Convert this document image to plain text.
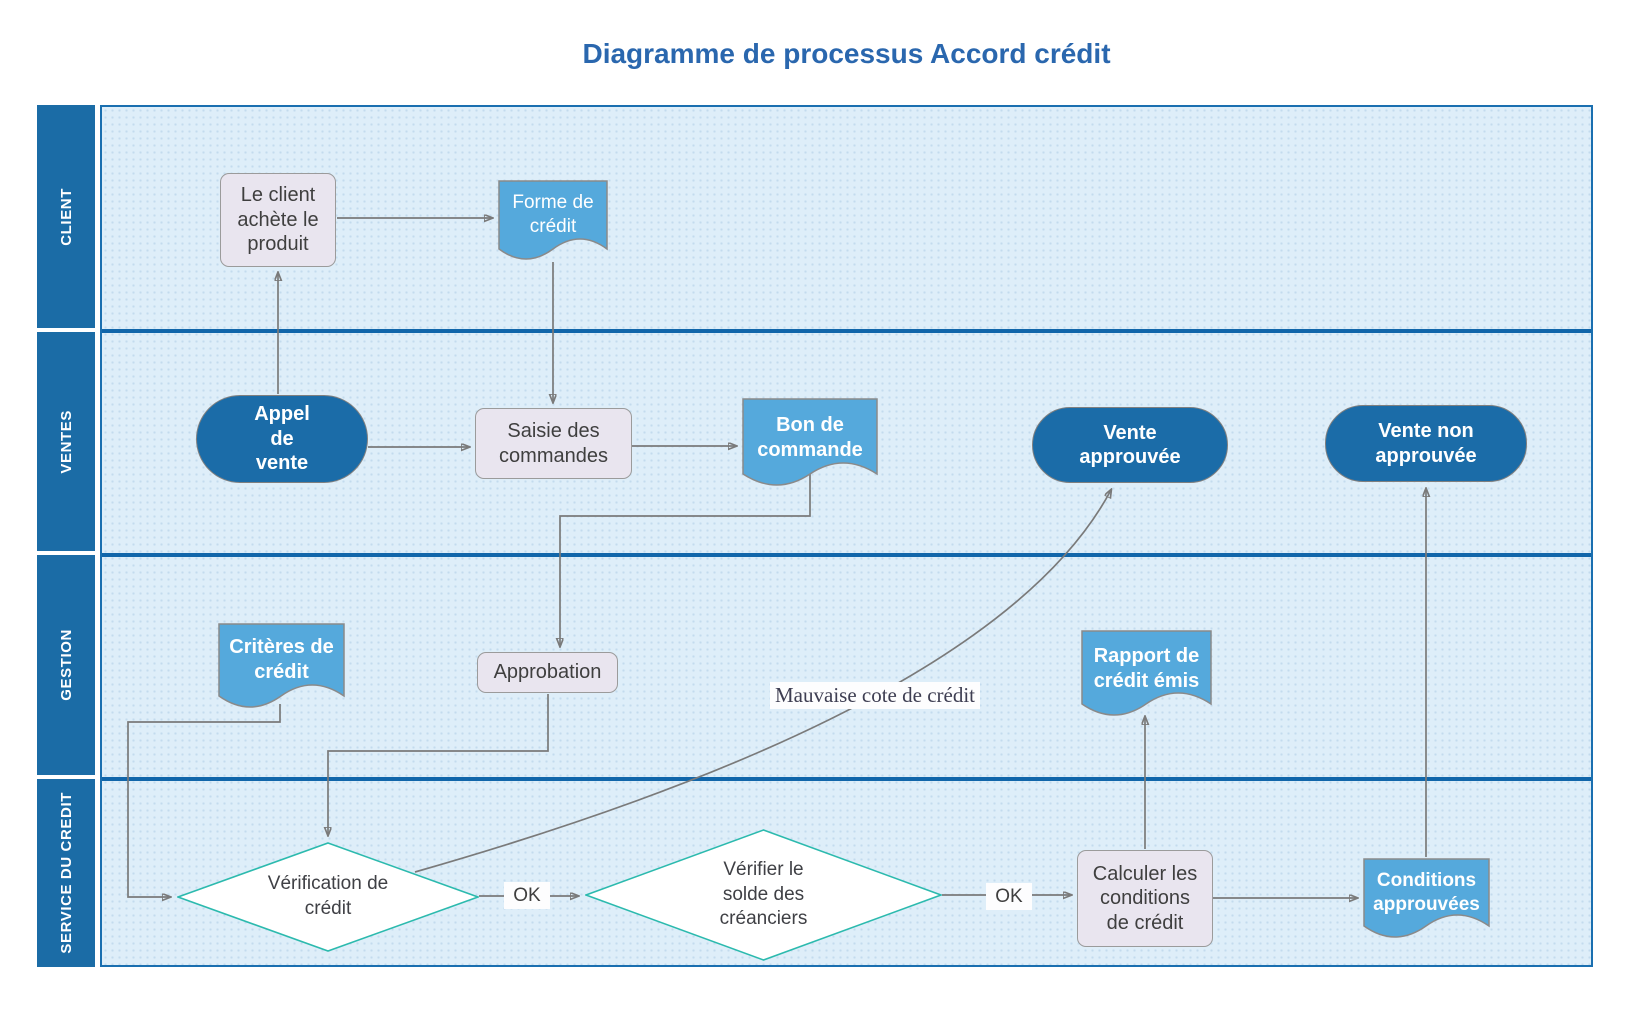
Diagramme de processus Accord crédit
CLIENT
VENTES
GESTION
SERVICE DU CREDIT
Le client achète le produit
Forme de crédit
Appel de vente
Saisie des commandes
Bon de commande
Vente approuvée
Vente non approuvée
Critères de crédit	Approbation
Mauvaise cote de crédit
Rapport de crédit émis
Vérification de crédit
OK
Vérifier le solde des créanciers
OK
Calculer les conditions de crédit
Conditions approuvées
